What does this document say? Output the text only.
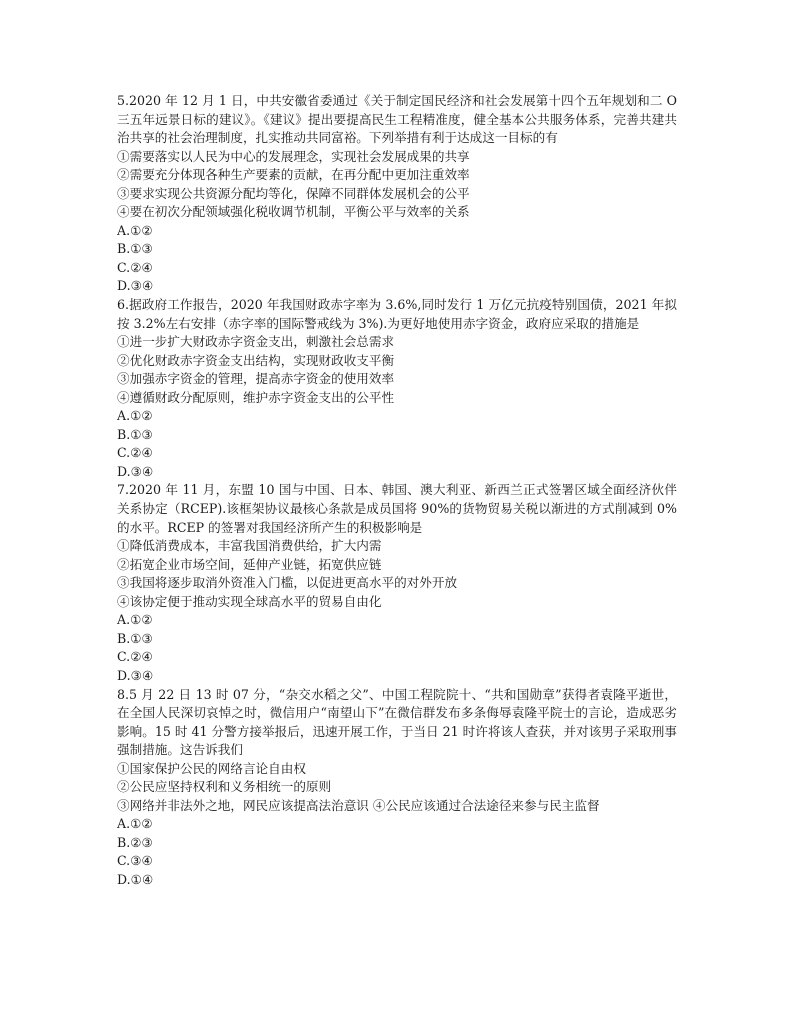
5.2020 年 12 月 1 日，中共安徽省委通过《关于制定国民经济和社会发展第十四个五年规划和二 O 三五年远景日标的建议》。《建议》提出要提高民生工程精准度，健全基本公共服务体系，完善共建共治共享的社会治理制度，扎实推动共同富裕。下列举措有利于达成这一目标的有

①需要落实以人民为中心的发展理念，实现社会发展成果的共享

②需要充分体现各种生产要素的贡献，在再分配中更加注重效率

③要求实现公共资源分配均等化，保障不同群体发展机会的公平

④要在初次分配领域强化税收调节机制，平衡公平与效率的关系

A.①②

B.①③

C.②④

D.③④

6.据政府工作报告，2020 年我国财政赤字率为 3.6%,同时发行 1 万亿元抗疫特别国债，2021 年拟按 3.2%左右安排（赤字率的国际警戒线为 3%).为更好地使用赤字资金，政府应采取的措施是

①进一步扩大财政赤字资金支出，刺激社会总需求

②优化财政赤字资金支出结构，实现财政收支平衡

③加强赤字资金的管理，提高赤字资金的使用效率

④遵循财政分配原则，维护赤字资金支出的公平性

A.①②

B.①③

C.②④

D.③④

7.2020 年 11 月，东盟 10 国与中国、日本、韩国、澳大利亚、新西兰正式签署区域全面经济伙伴关系协定（RCEP).该框架协议最核心条款是成员国将 90%的货物贸易关税以渐进的方式削减到 0%的水平。RCEP 的签署对我国经济所产生的积极影响是

①降低消费成本，丰富我国消费供给，扩大内需

②拓宽企业市场空间，延伸产业链，拓宽供应链

③我国将逐步取消外资准入门槛，以促进更高水平的对外开放

④该协定便于推动实现全球高水平的贸易自由化

A.①②

B.①③

C.②④

D.③④

8.5 月 22 日 13 时 07 分，“杂交水稻之父”、中国工程院院十、“共和国勋章”获得者袁隆平逝世，在全国人民深切哀悼之时，微信用户“南望山下”在微信群发布多条侮辱袁隆平院士的言论，造成恶劣影响。15 时 41 分警方接举报后，迅速开展工作，于当日 21 时许将该人查获，并对该男子采取刑事强制措施。这告诉我们

①国家保护公民的网络言论自由权

②公民应坚持权利和义务相统一的原则

③网络并非法外之地，网民应该提高法治意识 ④公民应该通过合法途径来参与民主监督

A.①②

B.②③

C.③④

D.①④
